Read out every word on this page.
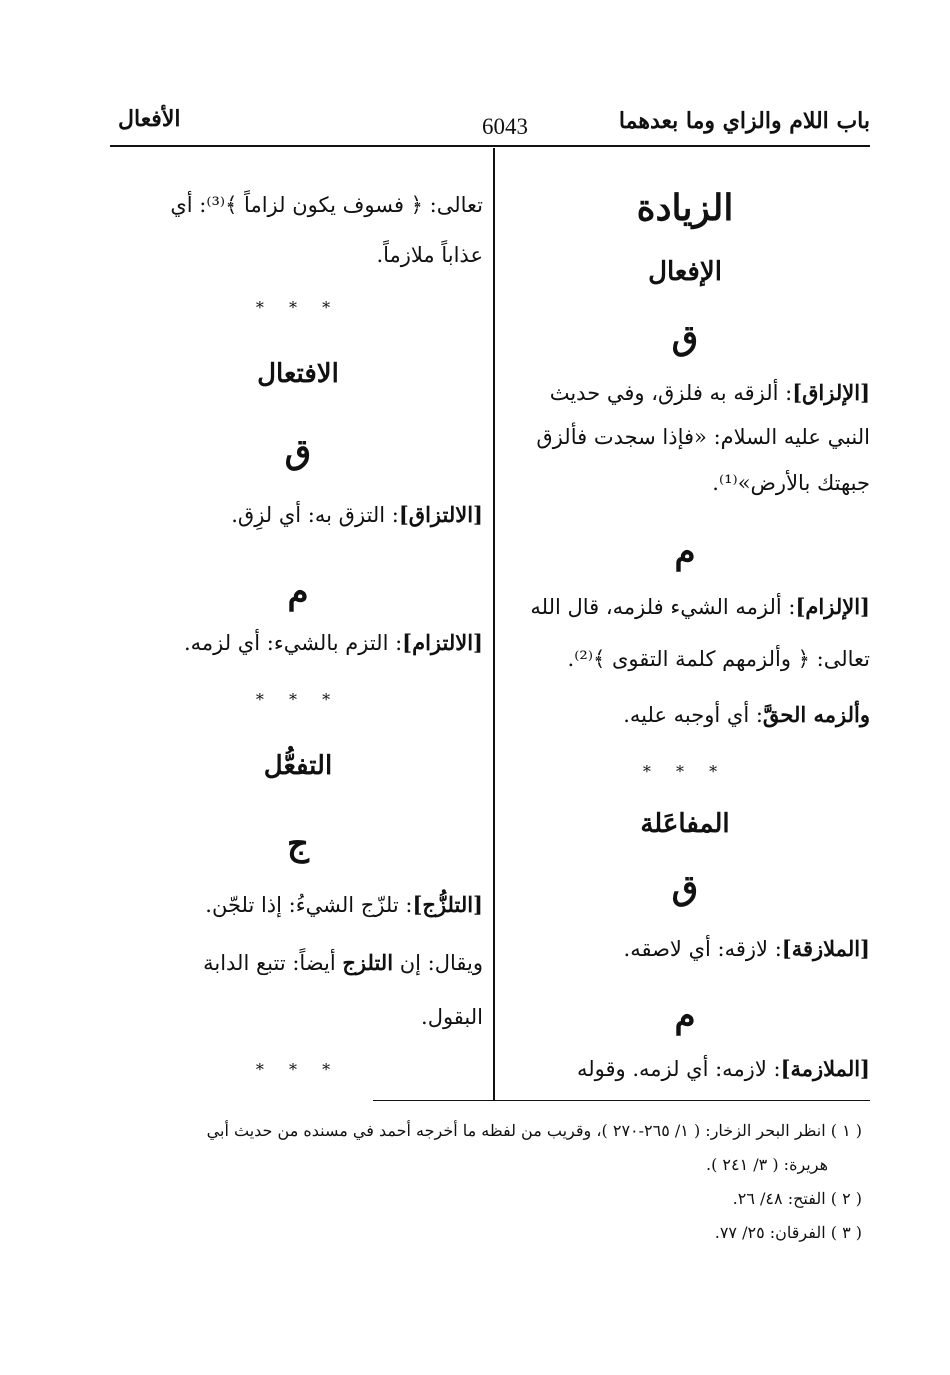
باب اللام والزاي وما بعدهما
6043
الأفعال
الزيادة
الإفعال
ق
[الإلزاق]: ألزقه به فلزق، وفي حديث
النبي عليه السلام: «فإذا سجدت فألزق
جبهتك بالأرض»⁽¹⁾.
م
[الإلزام]: ألزمه الشيء فلزمه، قال الله
تعالى: ﴿ وألزمهم كلمة التقوى ﴾⁽²⁾.
وألزمه الحقَّ: أي أوجبه عليه.
* * *
المفاعَلة
ق
[الملازقة]: لازقه: أي لاصقه.
م
[الملازمة]: لازمه: أي لزمه. وقوله
تعالى: ﴿ فسوف يكون لزاماً ﴾⁽³⁾: أي
عذاباً ملازماً.
* * *
الافتعال
ق
[الالتزاق]: التزق به: أي لزِق.
م
[الالتزام]: التزم بالشيء: أي لزمه.
* * *
التفعُّل
ج
[التلزُّج]: تلزّج الشيءُ: إذا تلجّن.
ويقال: إن التلزج أيضاً: تتبع الدابة
البقول.
* * *
( ١ ) انظر البحر الزخار: ( ١/ ٢٦٥-٢٧٠ )، وقريب من لفظه ما أخرجه أحمد في مسنده من حديث أبي
هريرة: ( ٣/ ٢٤١ ).
( ٢ ) الفتح: ٤٨/ ٢٦.
( ٣ ) الفرقان: ٢٥/ ٧٧.
